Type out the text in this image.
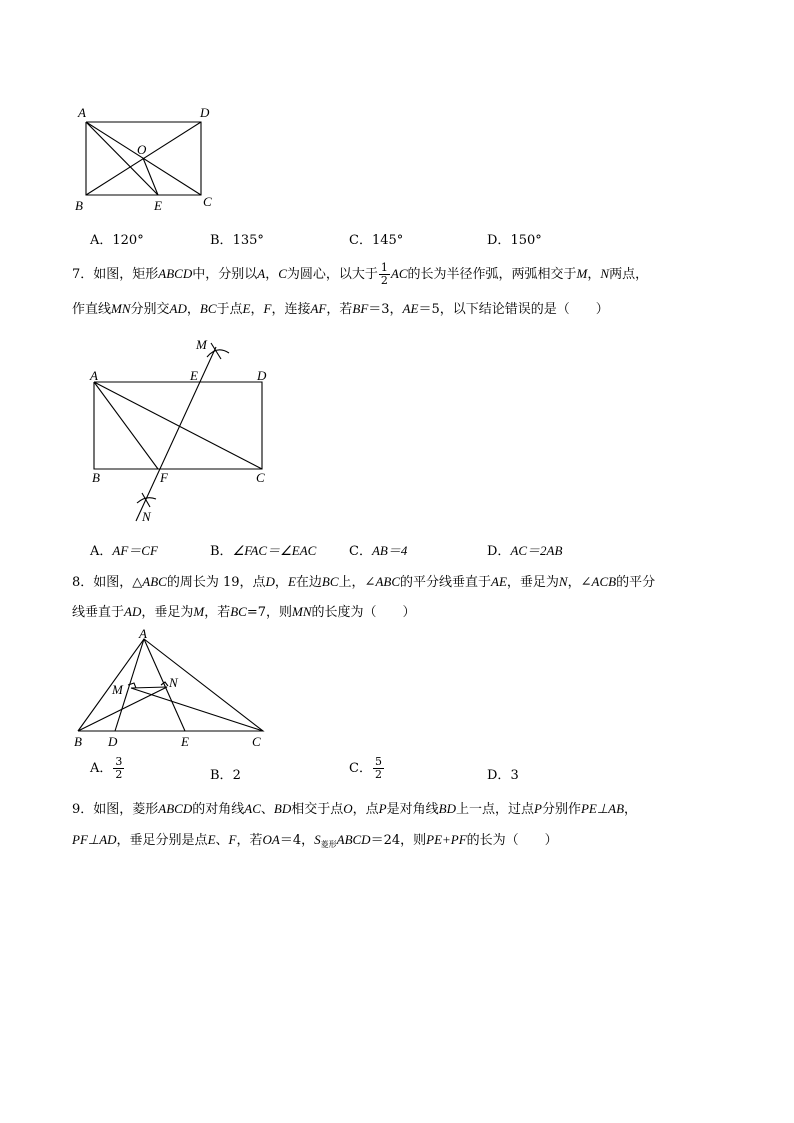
A	D
O
B	E	C
A．120°	B．135°	C．145°	D．150°
7．如图，矩形ABCD中，分别以A，C为圆心，以大于 $\frac{1}{2}$ AC的长为半径作弧，两弧相交于M，N两点，
作直线MN分别交AD，BC于点E，F，连接AF，若BF＝3，AE＝5，以下结论错误的是（　　）
M
A	E	D
B	F	C
N
A．AF＝CF	B．∠FAC＝∠EAC	C．AB＝4	D．AC＝2AB
8．如图，△ABC的周长为 19，点D，E在边BC上，∠ABC的平分线垂直于AE，垂足为N，∠ACB的平分
线垂直于AD，垂足为M，若BC=7，则MN的长度为（　　）
A
M	N
B D	E	C
A． $\frac{3}{2}$	B．2	C． $\frac{5}{2}$	D．3
9．如图，菱形ABCD的对角线AC、BD相交于点O，点P是对角线BD上一点，过点P分别作PE⊥AB，
PF⊥AD，垂足分别是点E、F，若OA＝4，$S_{菱形}ABCD=24$，则PE+PF的长为（　　）
